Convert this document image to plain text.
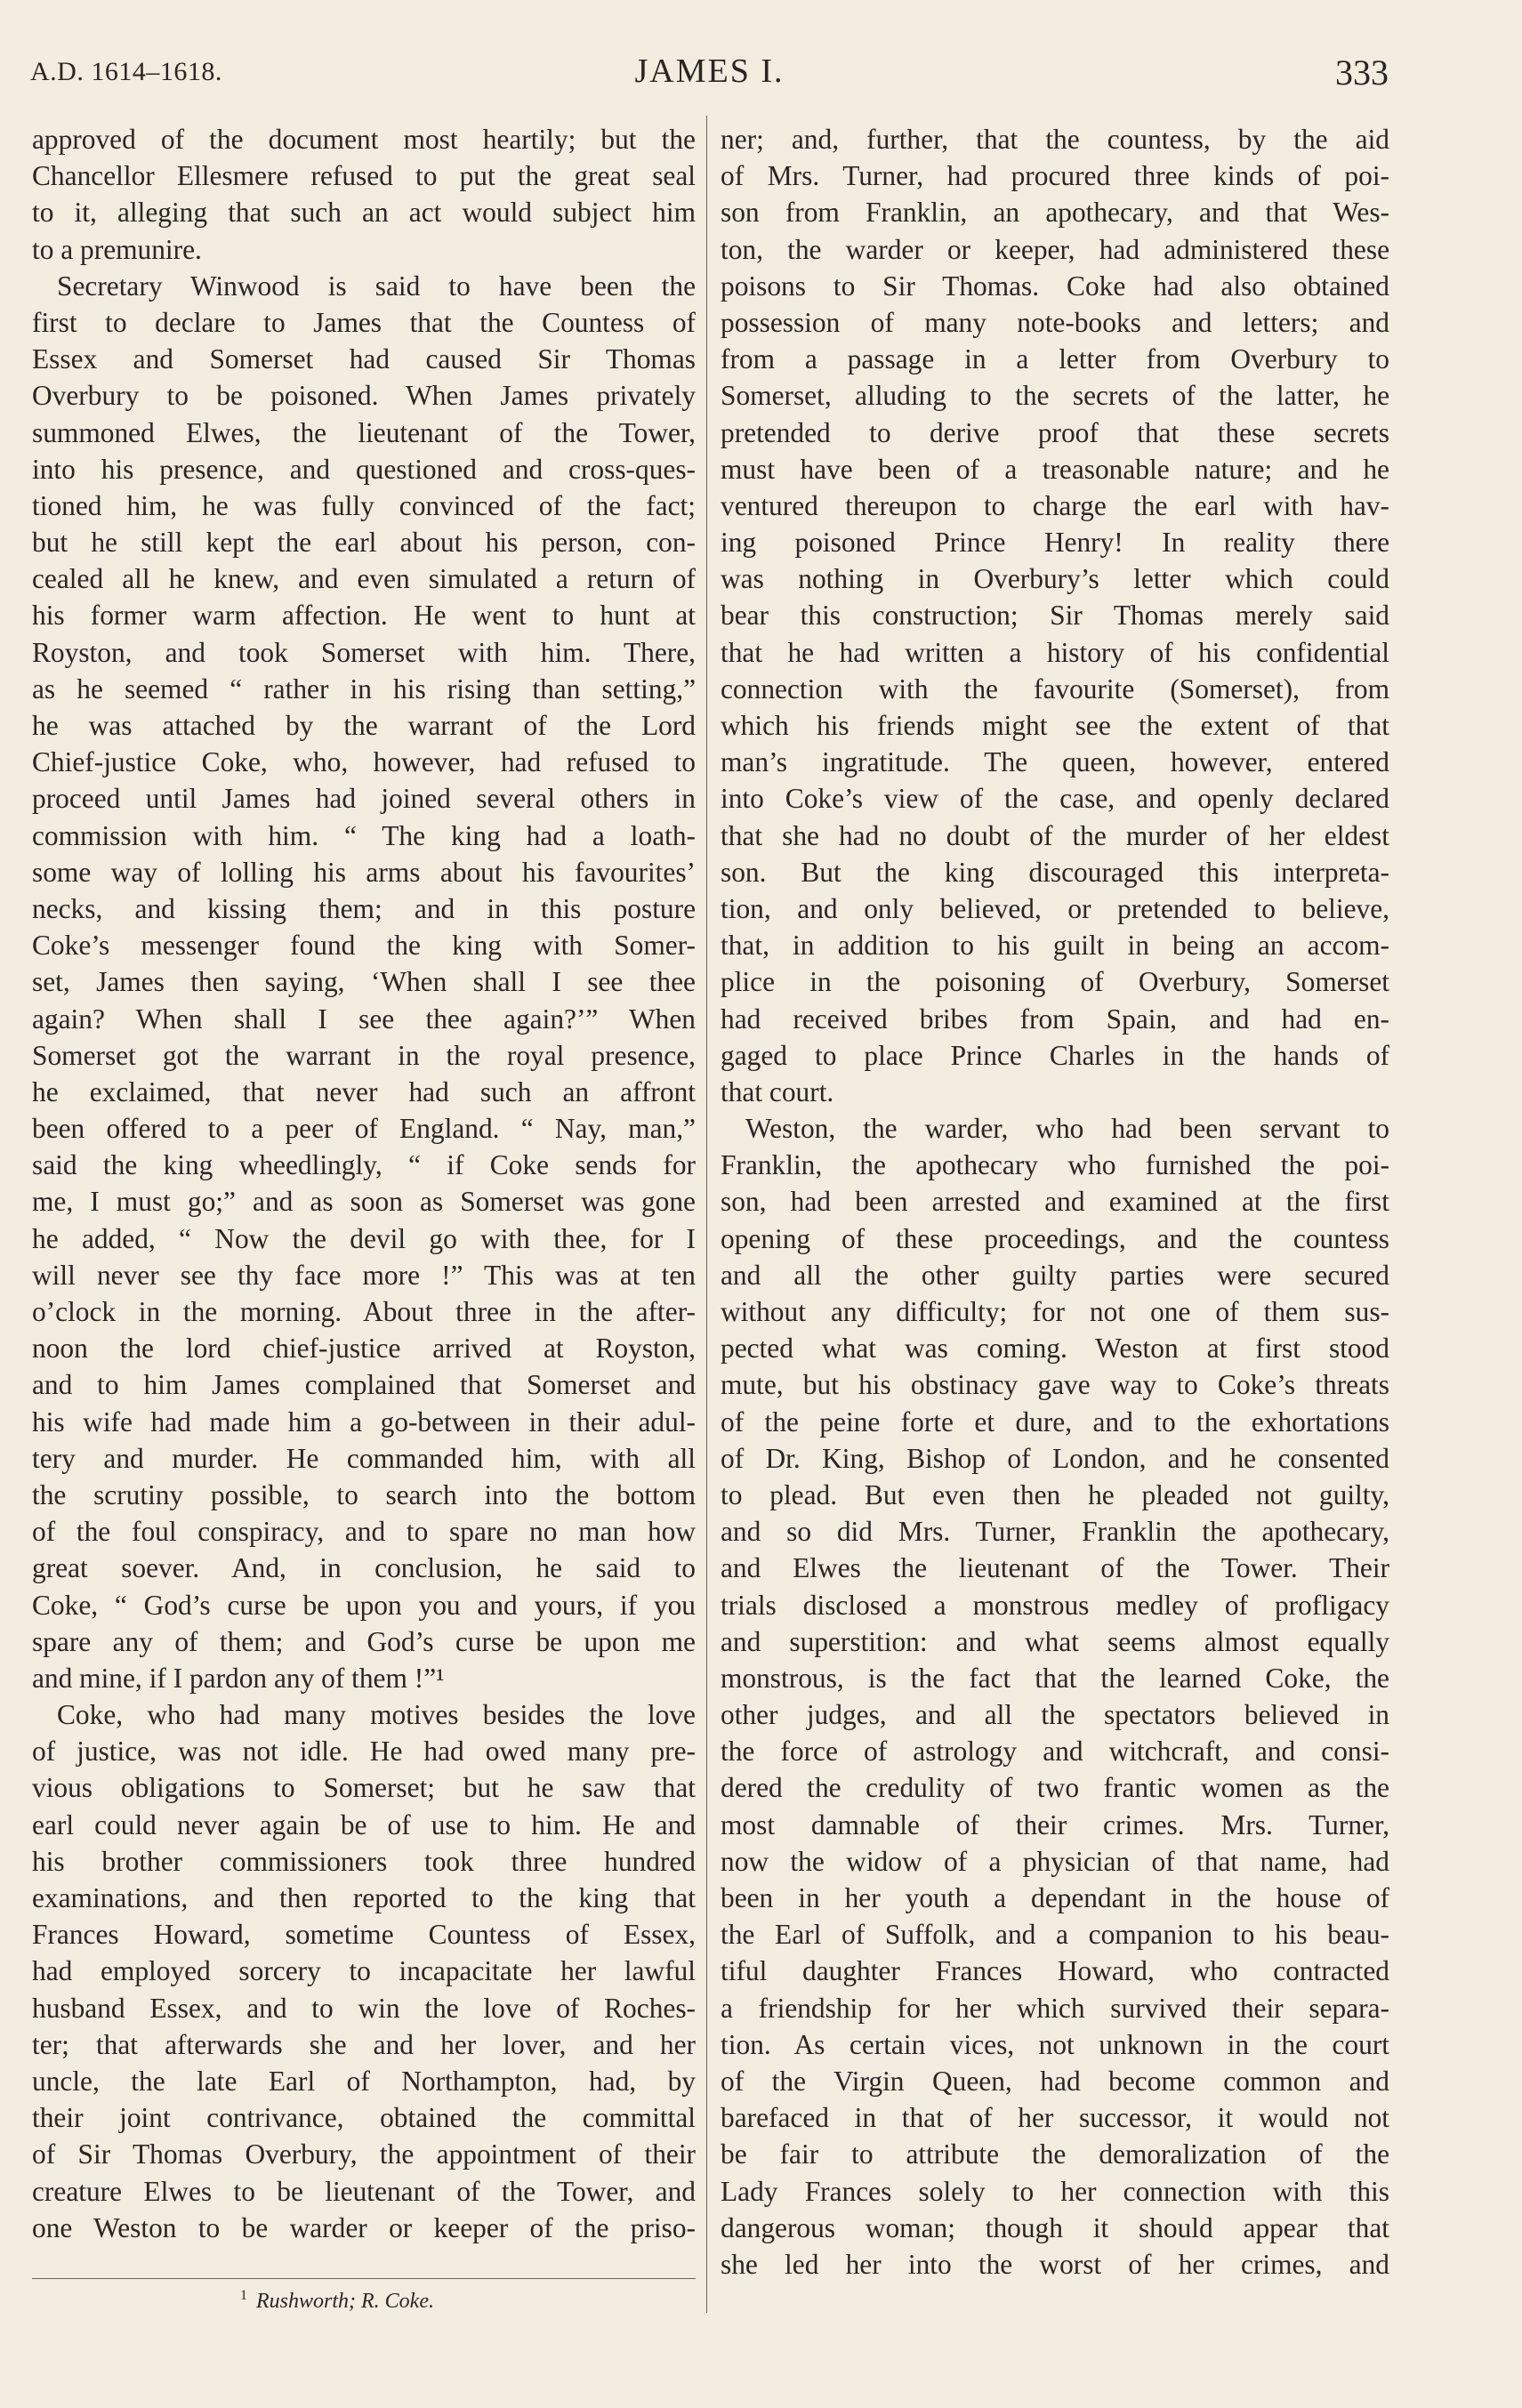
A.D. 1614–1618.	JAMES I.	333
approved of the document most heartily; but the
Chancellor Ellesmere refused to put the great seal
to it, alleging that such an act would subject him
to a premunire.
Secretary Winwood is said to have been the
first to declare to James that the Countess of
Essex and Somerset had caused Sir Thomas
Overbury to be poisoned. When James privately
summoned Elwes, the lieutenant of the Tower,
into his presence, and questioned and cross-ques-
tioned him, he was fully convinced of the fact;
but he still kept the earl about his person, con-
cealed all he knew, and even simulated a return of
his former warm affection. He went to hunt at
Royston, and took Somerset with him. There,
as he seemed “ rather in his rising than setting,”
he was attached by the warrant of the Lord
Chief-justice Coke, who, however, had refused to
proceed until James had joined several others in
commission with him. “ The king had a loath-
some way of lolling his arms about his favourites’
necks, and kissing them; and in this posture
Coke’s messenger found the king with Somer-
set, James then saying, ‘When shall I see thee
again? When shall I see thee again?’” When
Somerset got the warrant in the royal presence,
he exclaimed, that never had such an affront
been offered to a peer of England. “ Nay, man,”
said the king wheedlingly, “ if Coke sends for
me, I must go;” and as soon as Somerset was gone
he added, “ Now the devil go with thee, for I
will never see thy face more !” This was at ten
o’clock in the morning. About three in the after-
noon the lord chief-justice arrived at Royston,
and to him James complained that Somerset and
his wife had made him a go-between in their adul-
tery and murder. He commanded him, with all
the scrutiny possible, to search into the bottom
of the foul conspiracy, and to spare no man how
great soever. And, in conclusion, he said to
Coke, “ God’s curse be upon you and yours, if you
spare any of them; and God’s curse be upon me
and mine, if I pardon any of them !”¹
Coke, who had many motives besides the love
of justice, was not idle. He had owed many pre-
vious obligations to Somerset; but he saw that
earl could never again be of use to him. He and
his brother commissioners took three hundred
examinations, and then reported to the king that
Frances Howard, sometime Countess of Essex,
had employed sorcery to incapacitate her lawful
husband Essex, and to win the love of Roches-
ter; that afterwards she and her lover, and her
uncle, the late Earl of Northampton, had, by
their joint contrivance, obtained the committal
of Sir Thomas Overbury, the appointment of their
creature Elwes to be lieutenant of the Tower, and
one Weston to be warder or keeper of the priso-
ner; and, further, that the countess, by the aid
of Mrs. Turner, had procured three kinds of poi-
son from Franklin, an apothecary, and that Wes-
ton, the warder or keeper, had administered these
poisons to Sir Thomas. Coke had also obtained
possession of many note-books and letters; and
from a passage in a letter from Overbury to
Somerset, alluding to the secrets of the latter, he
pretended to derive proof that these secrets
must have been of a treasonable nature; and he
ventured thereupon to charge the earl with hav-
ing poisoned Prince Henry! In reality there
was nothing in Overbury’s letter which could
bear this construction; Sir Thomas merely said
that he had written a history of his confidential
connection with the favourite (Somerset), from
which his friends might see the extent of that
man’s ingratitude. The queen, however, entered
into Coke’s view of the case, and openly declared
that she had no doubt of the murder of her eldest
son. But the king discouraged this interpreta-
tion, and only believed, or pretended to believe,
that, in addition to his guilt in being an accom-
plice in the poisoning of Overbury, Somerset
had received bribes from Spain, and had en-
gaged to place Prince Charles in the hands of
that court.
Weston, the warder, who had been servant to
Franklin, the apothecary who furnished the poi-
son, had been arrested and examined at the first
opening of these proceedings, and the countess
and all the other guilty parties were secured
without any difficulty; for not one of them sus-
pected what was coming. Weston at first stood
mute, but his obstinacy gave way to Coke’s threats
of the peine forte et dure, and to the exhortations
of Dr. King, Bishop of London, and he consented
to plead. But even then he pleaded not guilty,
and so did Mrs. Turner, Franklin the apothecary,
and Elwes the lieutenant of the Tower. Their
trials disclosed a monstrous medley of profligacy
and superstition: and what seems almost equally
monstrous, is the fact that the learned Coke, the
other judges, and all the spectators believed in
the force of astrology and witchcraft, and consi-
dered the credulity of two frantic women as the
most damnable of their crimes. Mrs. Turner,
now the widow of a physician of that name, had
been in her youth a dependant in the house of
the Earl of Suffolk, and a companion to his beau-
tiful daughter Frances Howard, who contracted
a friendship for her which survived their separa-
tion. As certain vices, not unknown in the court
of the Virgin Queen, had become common and
barefaced in that of her successor, it would not
be fair to attribute the demoralization of the
Lady Frances solely to her connection with this
dangerous woman; though it should appear that
she led her into the worst of her crimes, and
$^1$ Rushworth; R. Coke.
